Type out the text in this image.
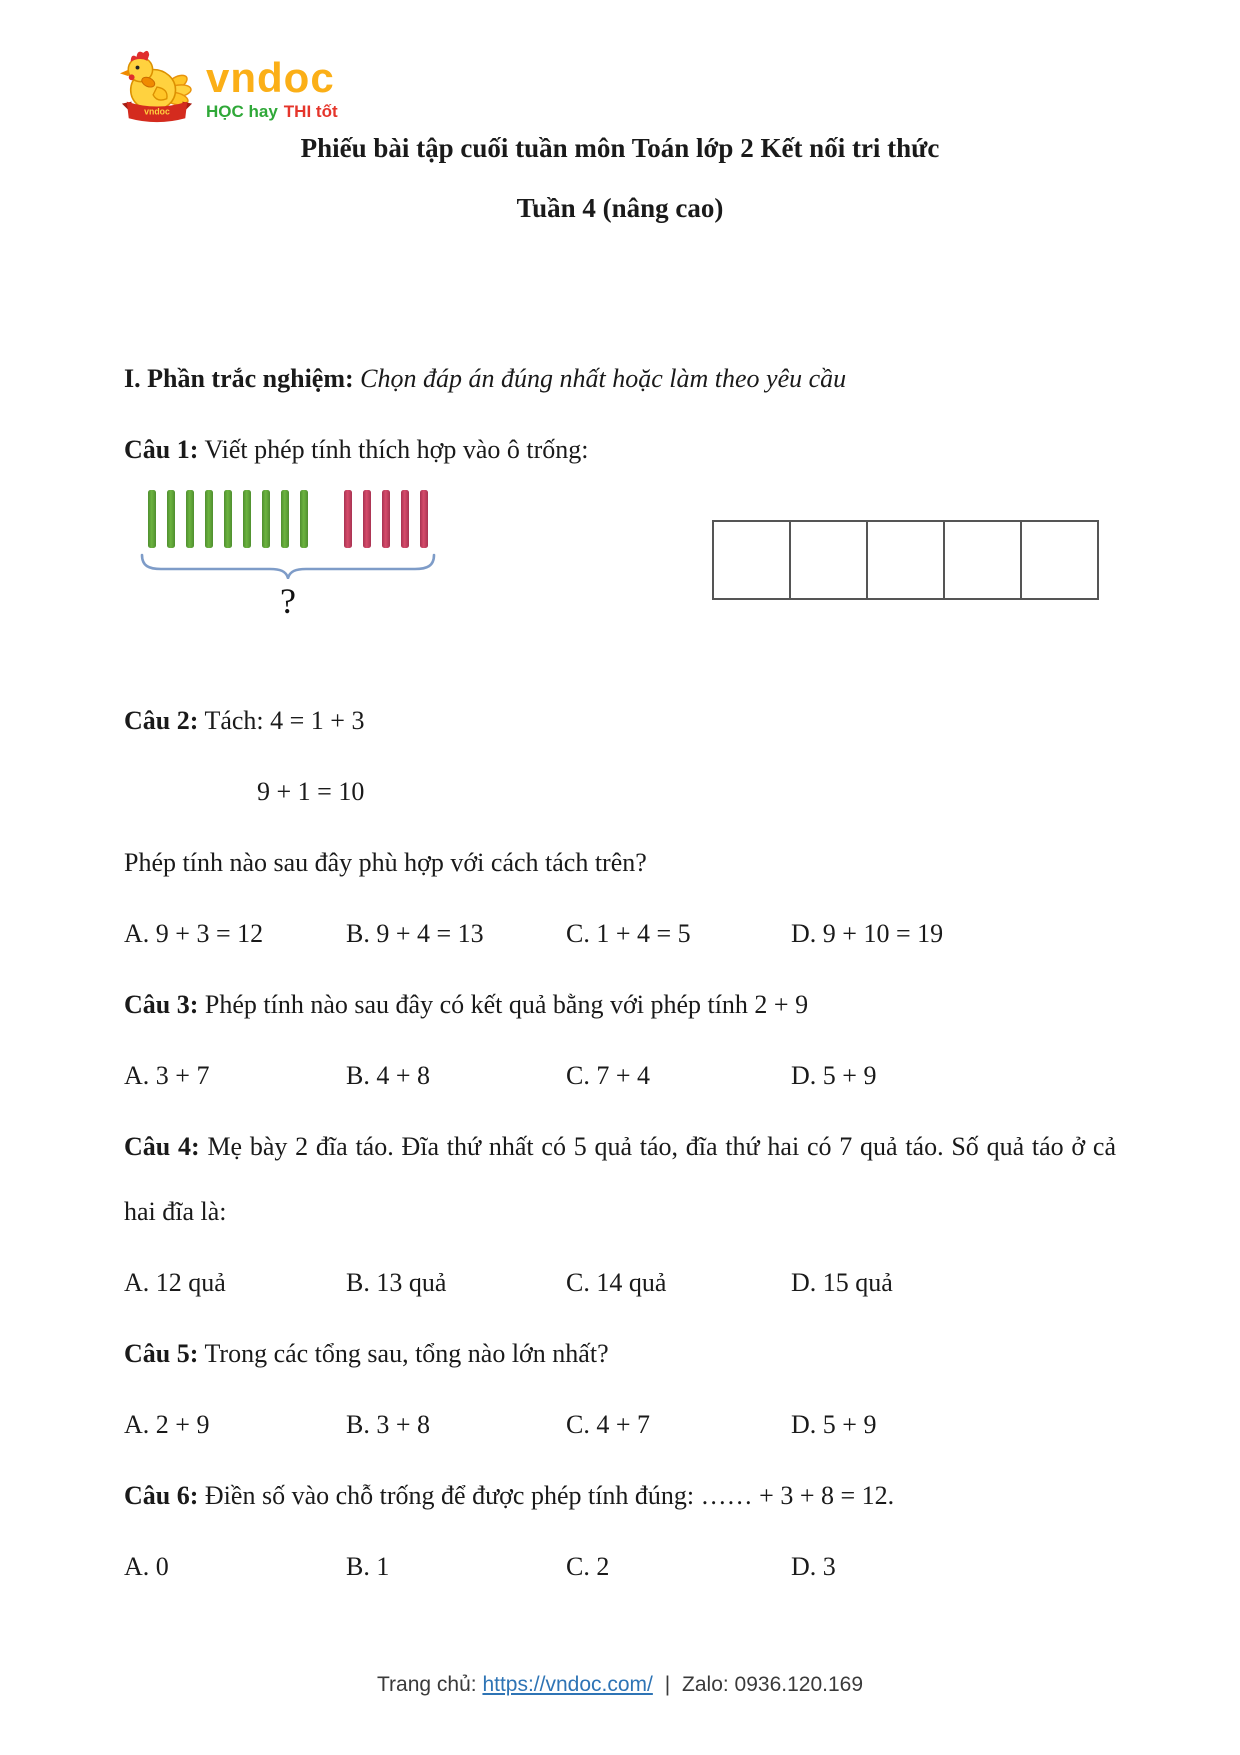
vndoc
vndoc
HỌC hay THI tốt
Phiếu bài tập cuối tuần môn Toán lớp 2 Kết nối tri thức
Tuần 4 (nâng cao)

I. Phần trắc nghiệm: Chọn đáp án đúng nhất hoặc làm theo yêu cầu

Câu 1: Viết phép tính thích hợp vào ô trống:

?

Câu 2: Tách: 4 = 1 + 3

9 + 1 = 10

Phép tính nào sau đây phù hợp với cách tách trên?

A. 9 + 3 = 12	B. 9 + 4 = 13	C. 1 + 4 = 5	D. 9 + 10 = 19

Câu 3: Phép tính nào sau đây có kết quả bằng với phép tính 2 + 9

A. 3 + 7	B. 4 + 8	C. 7 + 4	D. 5 + 9

Câu 4: Mẹ bày 2 đĩa táo. Đĩa thứ nhất có 5 quả táo, đĩa thứ hai có 7 quả táo. Số quả táo ở cả hai đĩa là:

A. 12 quả	B. 13 quả	C. 14 quả	D. 15 quả

Câu 5: Trong các tổng sau, tổng nào lớn nhất?

A. 2 + 9	B. 3 + 8	C. 4 + 7	D. 5 + 9

Câu 6: Điền số vào chỗ trống để được phép tính đúng: …… + 3 + 8 = 12.

A. 0	B. 1	C. 2	D. 3
Trang chủ: https://vndoc.com/ | Zalo: 0936.120.169
